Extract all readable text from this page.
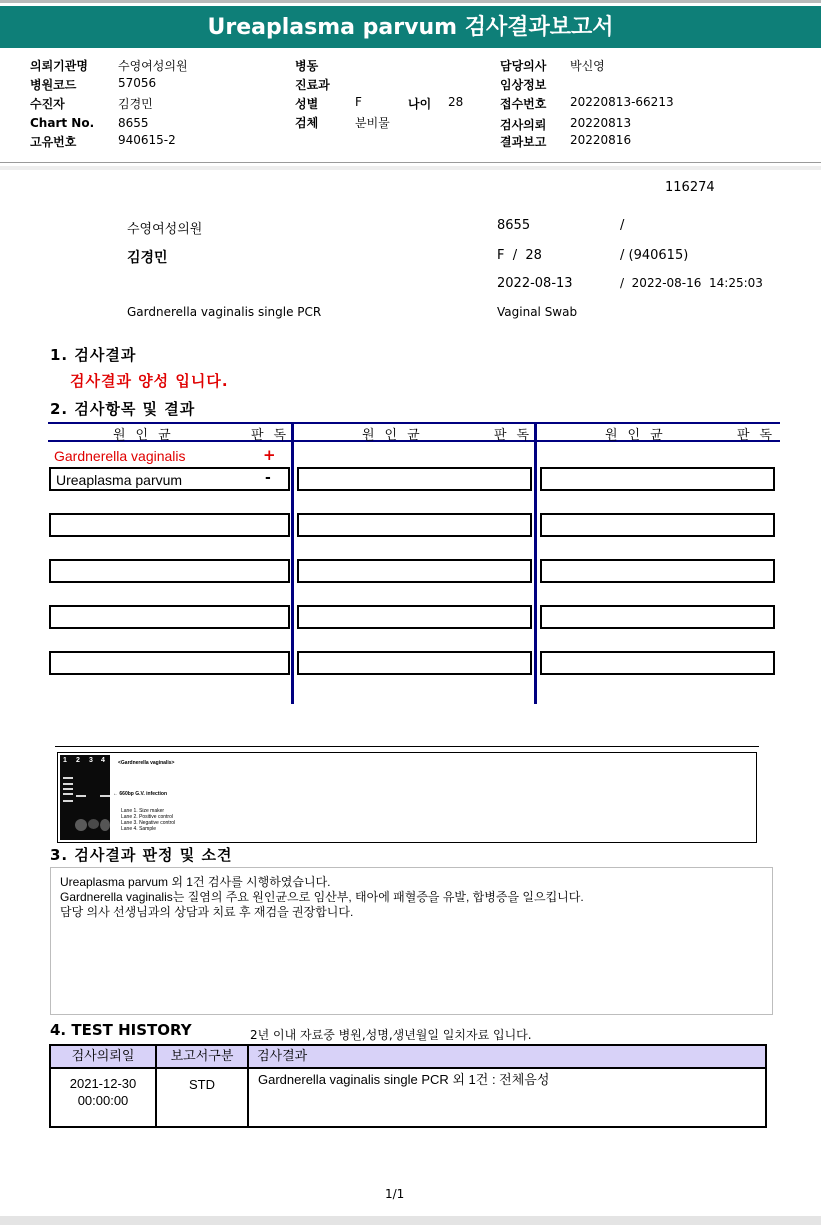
Ureaplasma parvum 검사결과보고서
의뢰기관명	수영여성의원
병원코드	57056
수진자	김경민
Chart No. 8655
고유번호	940615-2
병동
진료과
성별	F	나이 28
검체	분비물
담당의사 박신영
임상정보
접수번호 20220813-66213
검사의뢰 20220813
결과보고 20220816
116274
수영여성의원	8655	/
김경민	F  /  28	/ (940615)
2022-08-13	/  2022-08-16  14:25:03
Gardnerella vaginalis single PCR	Vaginal Swab
1. 검사결과
검사결과 양성 입니다.
2. 검사항목 및 결과
원인균	판독	원인균	판독	원인균	판독
Gardnerella vaginalis	+
Ureaplasma parvum	-
1 2 3 4	<Gardnerella vaginalis>
← 660bp G.V. infection
Lane 1. Size maker
Lane 2. Positive control
Lane 3. Negative control
Lane 4. Sample
3. 검사결과 판정 및 소견
Ureaplasma parvum 외 1건 검사를 시행하였습니다.
Gardnerella vaginalis는 질염의 주요 원인균으로 임산부, 태아에 패혈증을 유발, 합병증을 일으킵니다.
담당 의사 선생님과의 상담과 치료 후 재검을 권장합니다.
4. TEST HISTORY	2년 이내 자료중 병원,성명,생년월일 일치자료 입니다.
검사의뢰일	보고서구분	검사결과
2021-12-30
00:00:00
STD	Gardnerella vaginalis single PCR 외 1건 : 전체음성
1/1
